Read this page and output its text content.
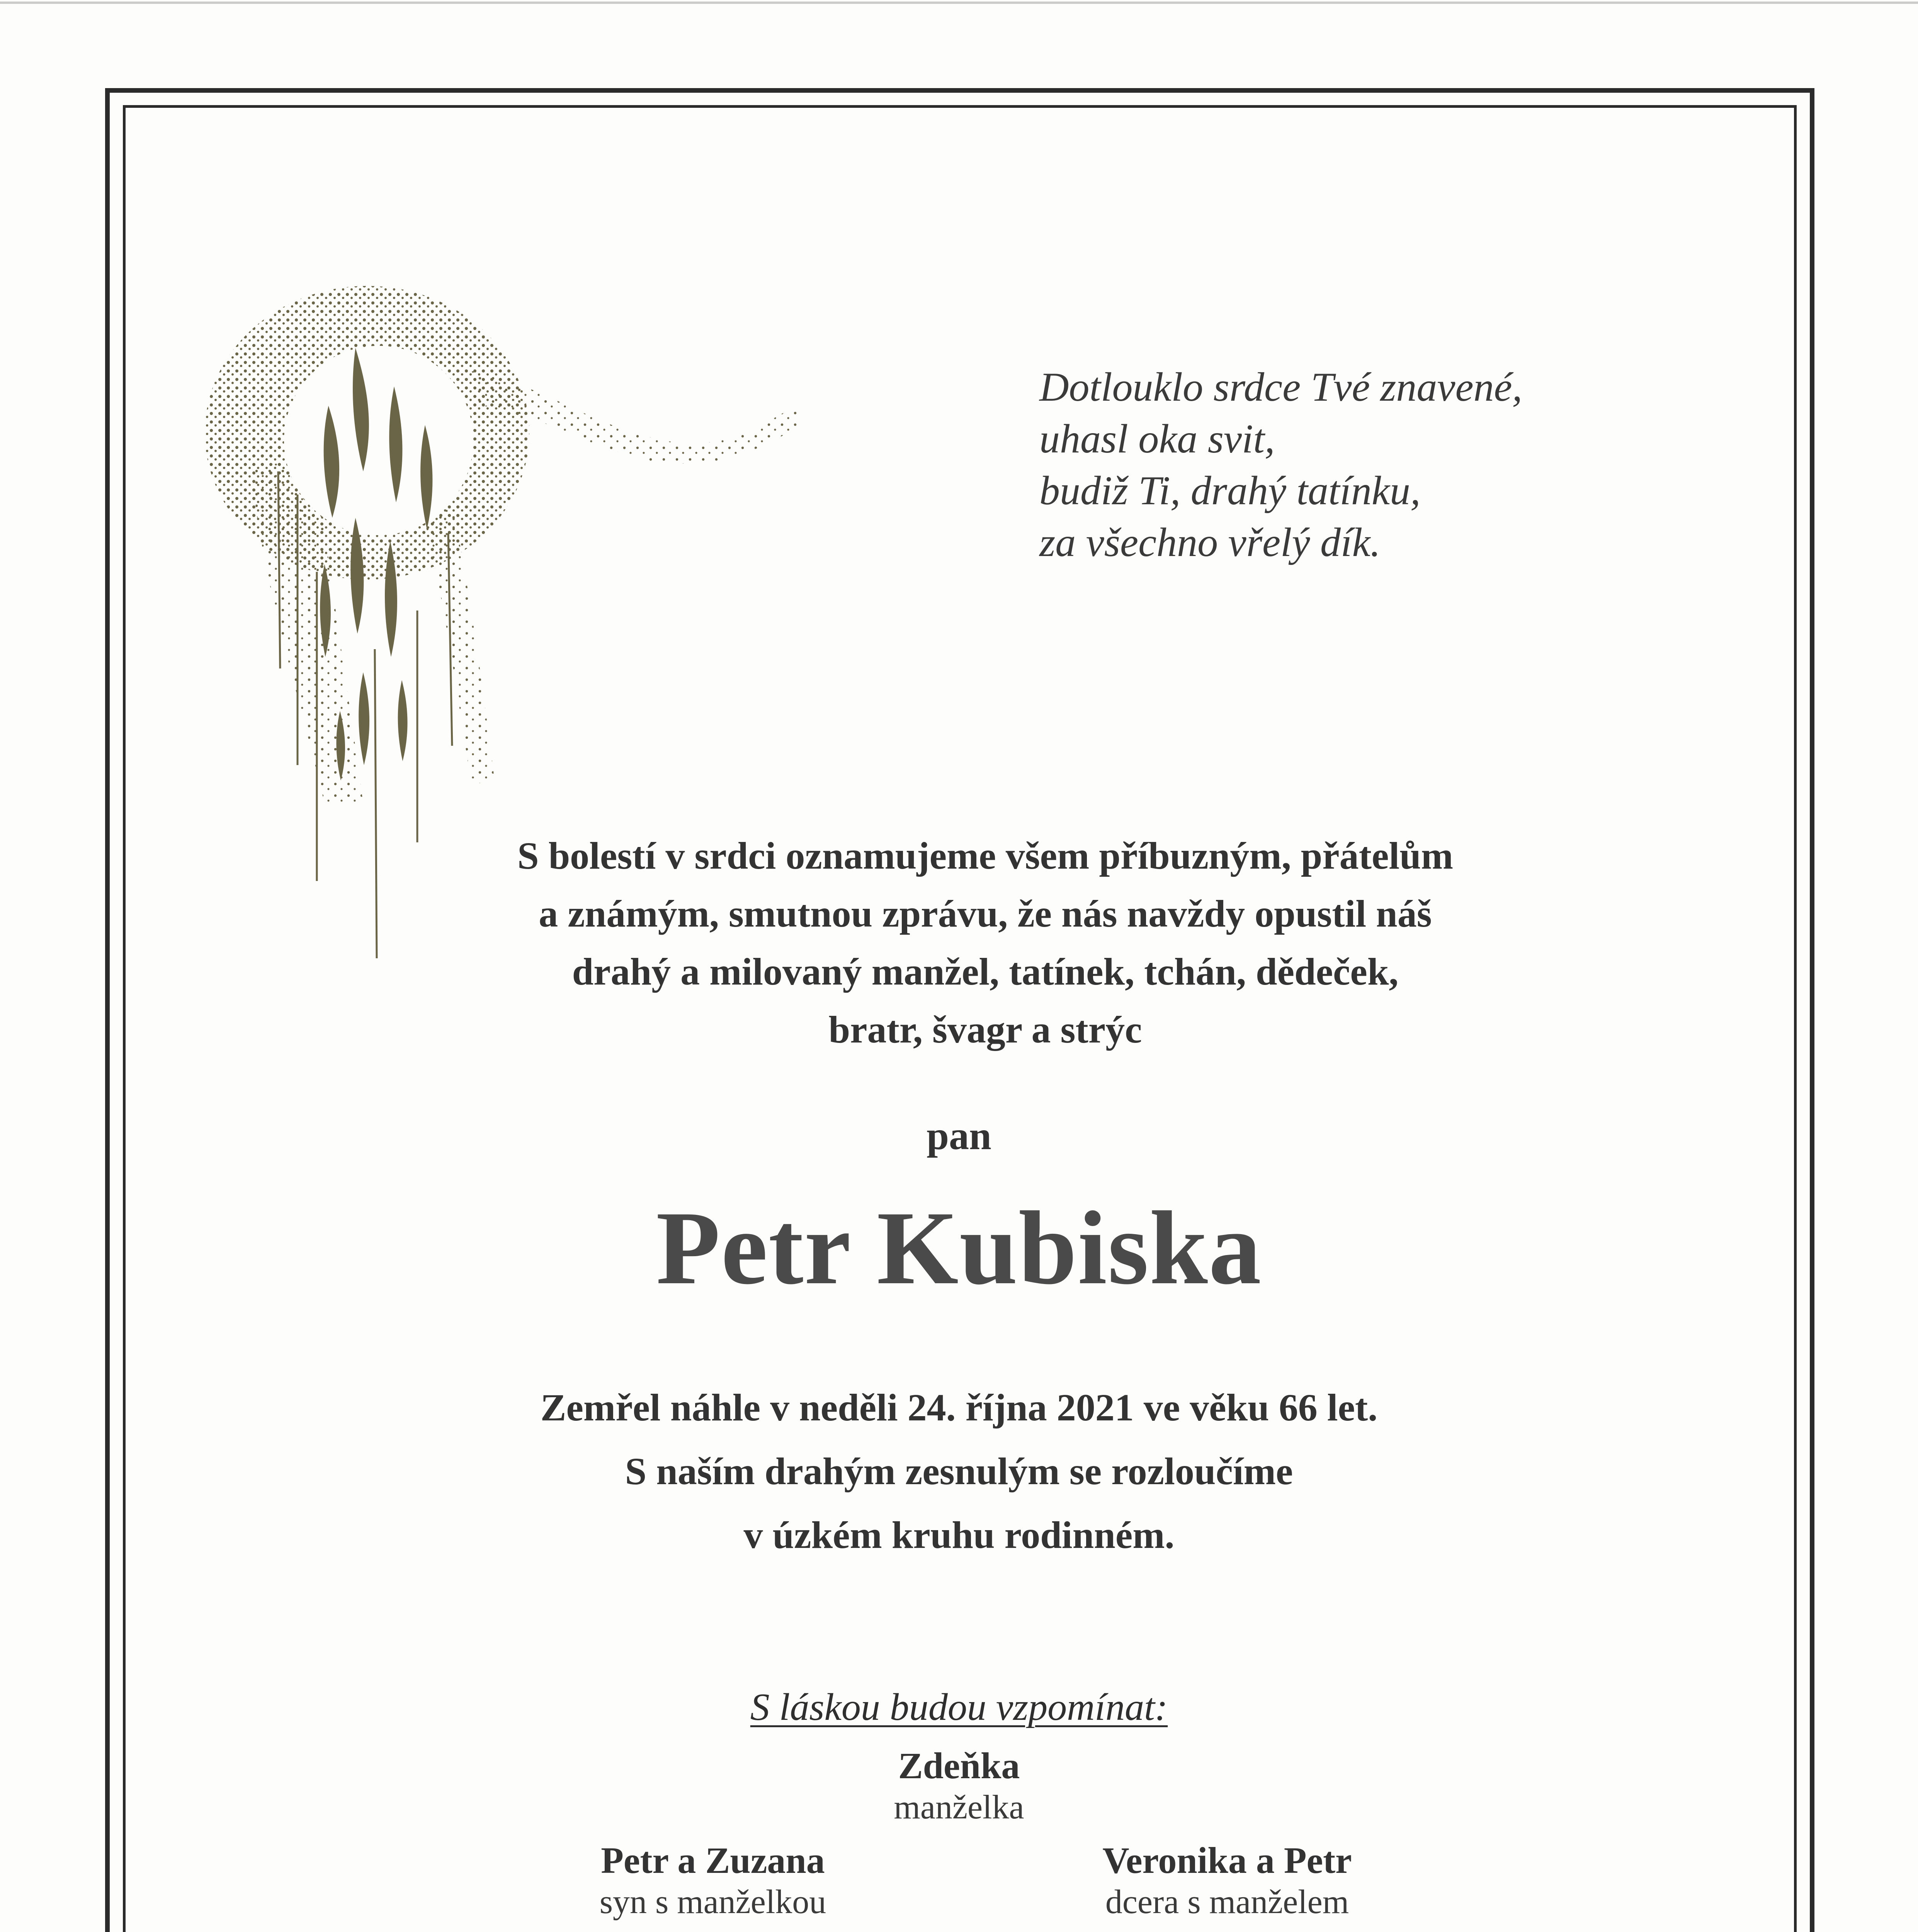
Dotlouklo srdce Tvé znavené,
uhasl oka svit,
budiž Ti, drahý tatínku,
za všechno vřelý dík.
S bolestí v srdci oznamujeme všem příbuzným, přátelům
a známým, smutnou zprávu, že nás navždy opustil náš
drahý a milovaný manžel, tatínek, tchán, dědeček,
bratr, švagr a strýc
pan
Petr Kubiska
Zemřel náhle v neděli 24. října 2021 ve věku 66 let.
S naším drahým zesnulým se rozloučíme
v úzkém kruhu rodinném.
S láskou budou vzpomínat:
Zdeňka
manželka
Petr a Zuzana
syn s manželkou
Veronika a Petr
dcera s manželem
